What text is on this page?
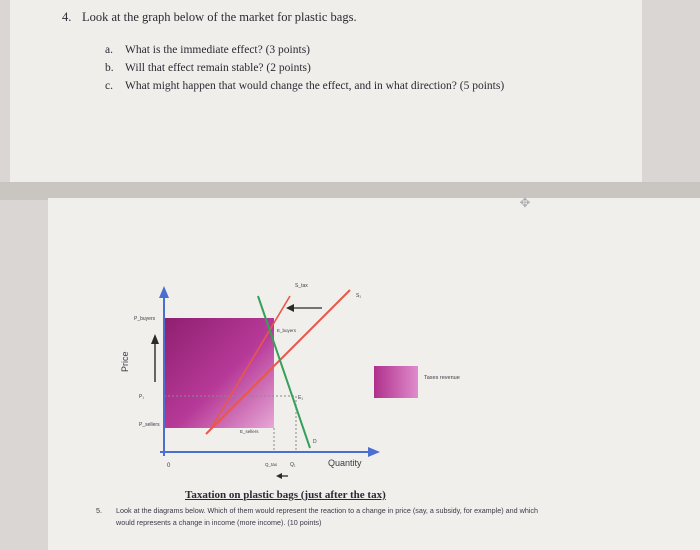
4. Look at the graph below of the market for plastic bags.
a. What is the immediate effect? (3 points)
b. Will that effect remain stable? (2 points)
c. What might happen that would change the effect, and in what direction? (5 points)
✥
Price
Quantity
0
P_buyers
P₁
P_sellers
S_tax
S₁
D
E_buyers
E₁
E_sellers
Q_tax	Q₁
Taxes revenue
Taxation on plastic bags (just after the tax)
5. Look at the diagrams below. Which of them would represent the reaction to a change in price (say, a subsidy, for example) and which would represents a change in income (more income). (10 points)
